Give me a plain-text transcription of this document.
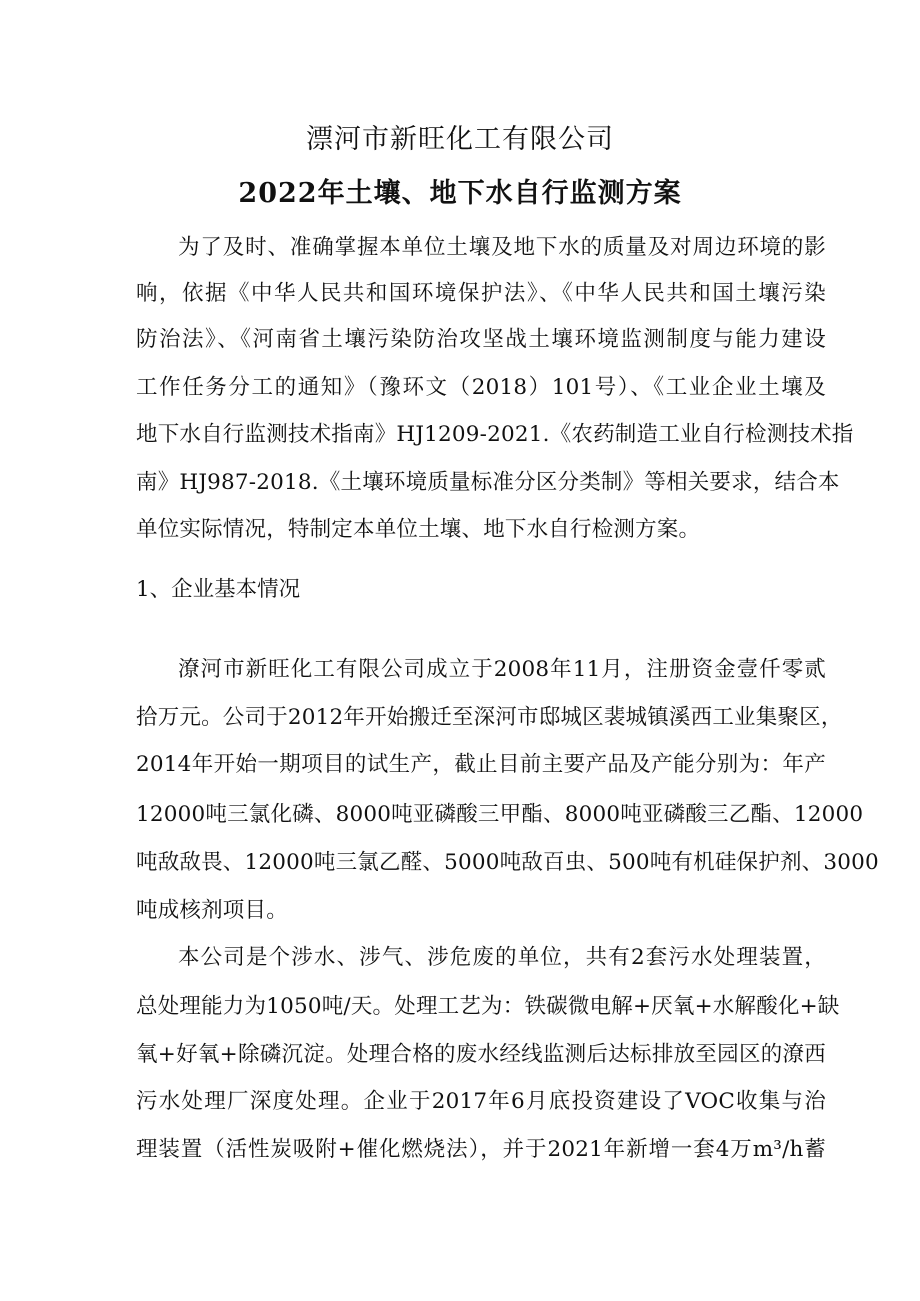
漂河市新旺化工有限公司
2022年土壤、地下水自行监测方案
为了及时、准确掌握本单位土壤及地下水的质量及对周边环境的影
响，依据《中华人民共和国环境保护法》、《中华人民共和国土壤污染
防治法》、《河南省土壤污染防治攻坚战土壤环境监测制度与能力建设
工作任务分工的通知》（豫环文（2018）101号）、《工业企业土壤及
地下水自行监测技术指南》HJ1209-2021.《农药制造工业自行检测技术指
南》HJ987-2018.《土壤环境质量标准分区分类制》等相关要求，结合本
单位实际情况，特制定本单位土壤、地下水自行检测方案。
1、企业基本情况
潦河市新旺化工有限公司成立于2008年11月，注册资金壹仟零贰
拾万元。公司于2012年开始搬迁至深河市邸城区裴城镇溪西工业集聚区，
2014年开始一期项目的试生产，截止目前主要产品及产能分别为：年产
12000吨三氯化磷、8000吨亚磷酸三甲酯、8000吨亚磷酸三乙酯、12000
吨敌敌畏、12000吨三氯乙醛、5000吨敌百虫、500吨有机硅保护剂、3000
吨成核剂项目。
本公司是个涉水、涉气、涉危废的单位，共有2套污水处理装置，
总处理能力为1050吨/天。处理工艺为：铁碳微电解+厌氧+水解酸化+缺
氧+好氧+除磷沉淀。处理合格的废水经线监测后达标排放至园区的潦西
污水处理厂深度处理。企业于2017年6月底投资建设了VOC收集与治
理装置（活性炭吸附+催化燃烧法），并于2021年新增一套4万m³/h蓄
